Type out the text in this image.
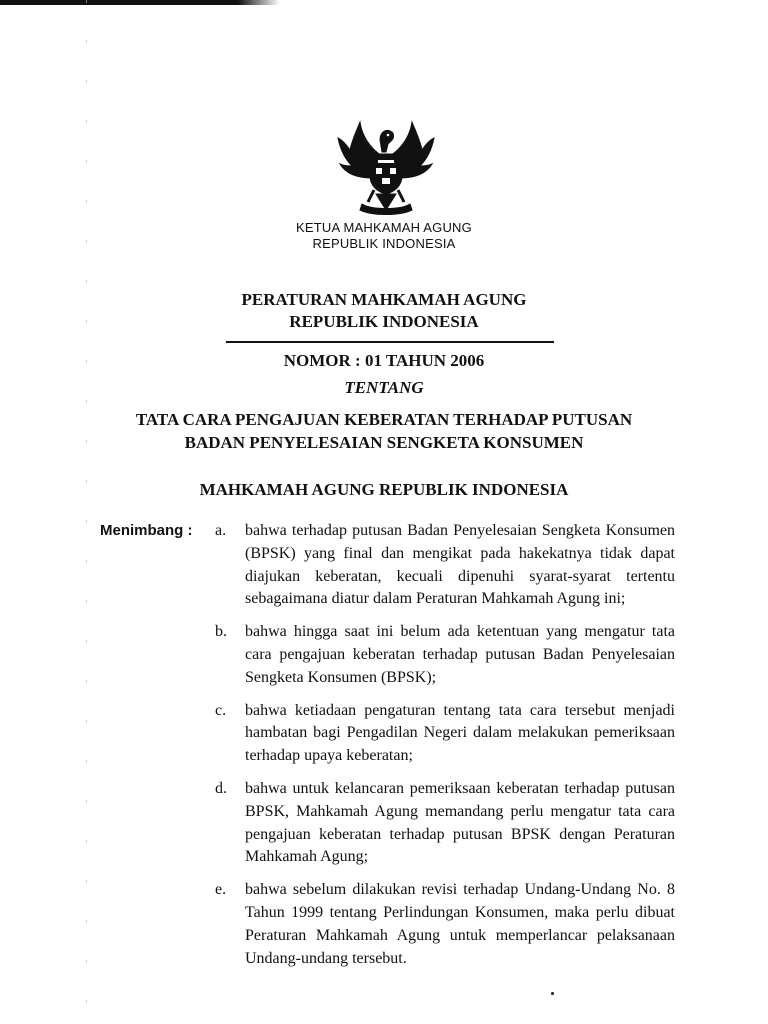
KETUA MAHKAMAH AGUNG
REPUBLIK INDONESIA
PERATURAN MAHKAMAH AGUNG
REPUBLIK INDONESIA
NOMOR : 01 TAHUN 2006
TENTANG
TATA CARA PENGAJUAN KEBERATAN TERHADAP PUTUSAN
BADAN PENYELESAIAN SENGKETA KONSUMEN
MAHKAMAH AGUNG REPUBLIK INDONESIA
Menimbang : a.	bahwa terhadap putusan Badan Penyelesaian Sengketa Konsumen (BPSK) yang final dan mengikat pada hakekatnya tidak dapat diajukan keberatan, kecuali dipenuhi syarat-syarat tertentu sebagaimana diatur dalam Peraturan Mahkamah Agung ini;
b.	bahwa hingga saat ini belum ada ketentuan yang mengatur tata cara pengajuan keberatan terhadap putusan Badan Penyelesaian Sengketa Konsumen (BPSK);
c.	bahwa ketiadaan pengaturan tentang tata cara tersebut menjadi hambatan bagi Pengadilan Negeri dalam melakukan pemeriksaan terhadap upaya keberatan;
d.	bahwa untuk kelancaran pemeriksaan keberatan terhadap putusan BPSK, Mahkamah Agung memandang perlu mengatur tata cara pengajuan keberatan terhadap putusan BPSK dengan Peraturan Mahkamah Agung;
e.	bahwa sebelum dilakukan revisi terhadap Undang-Undang No. 8 Tahun 1999 tentang Perlindungan Konsumen, maka perlu dibuat Peraturan Mahkamah Agung untuk memperlancar pelaksanaan Undang-undang tersebut.
